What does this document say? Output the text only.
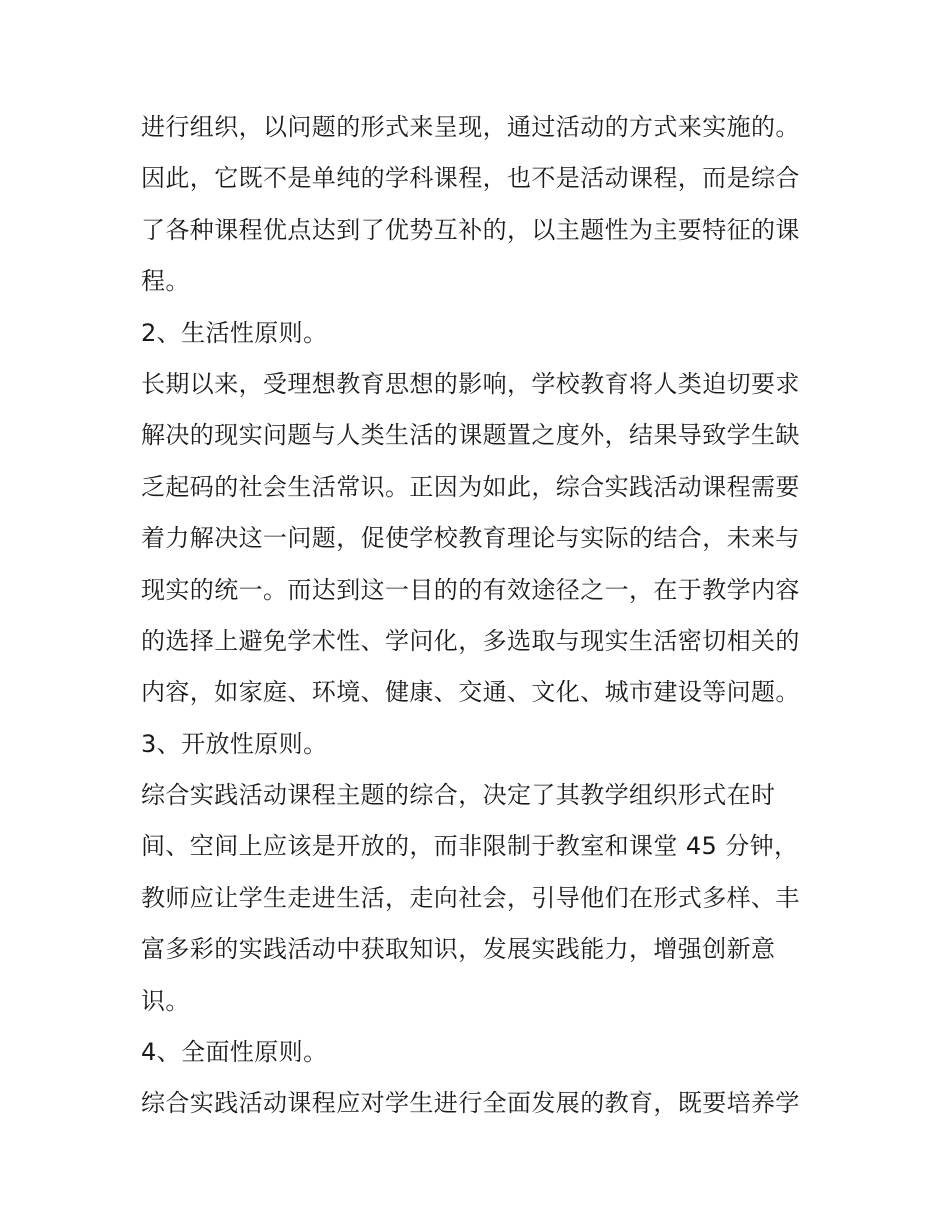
进行组织，以问题的形式来呈现，通过活动的方式来实施的。
因此，它既不是单纯的学科课程，也不是活动课程，而是综合
了各种课程优点达到了优势互补的，以主题性为主要特征的课
程。
2、生活性原则。
长期以来，受理想教育思想的影响，学校教育将人类迫切要求
解决的现实问题与人类生活的课题置之度外，结果导致学生缺
乏起码的社会生活常识。正因为如此，综合实践活动课程需要
着力解决这一问题，促使学校教育理论与实际的结合，未来与
现实的统一。而达到这一目的的有效途径之一，在于教学内容
的选择上避免学术性、学问化，多选取与现实生活密切相关的
内容，如家庭、环境、健康、交通、文化、城市建设等问题。
3、开放性原则。
综合实践活动课程主题的综合，决定了其教学组织形式在时
间、空间上应该是开放的，而非限制于教室和课堂 45 分钟，
教师应让学生走进生活，走向社会，引导他们在形式多样、丰
富多彩的实践活动中获取知识，发展实践能力，增强创新意
识。
4、全面性原则。
综合实践活动课程应对学生进行全面发展的教育，既要培养学
